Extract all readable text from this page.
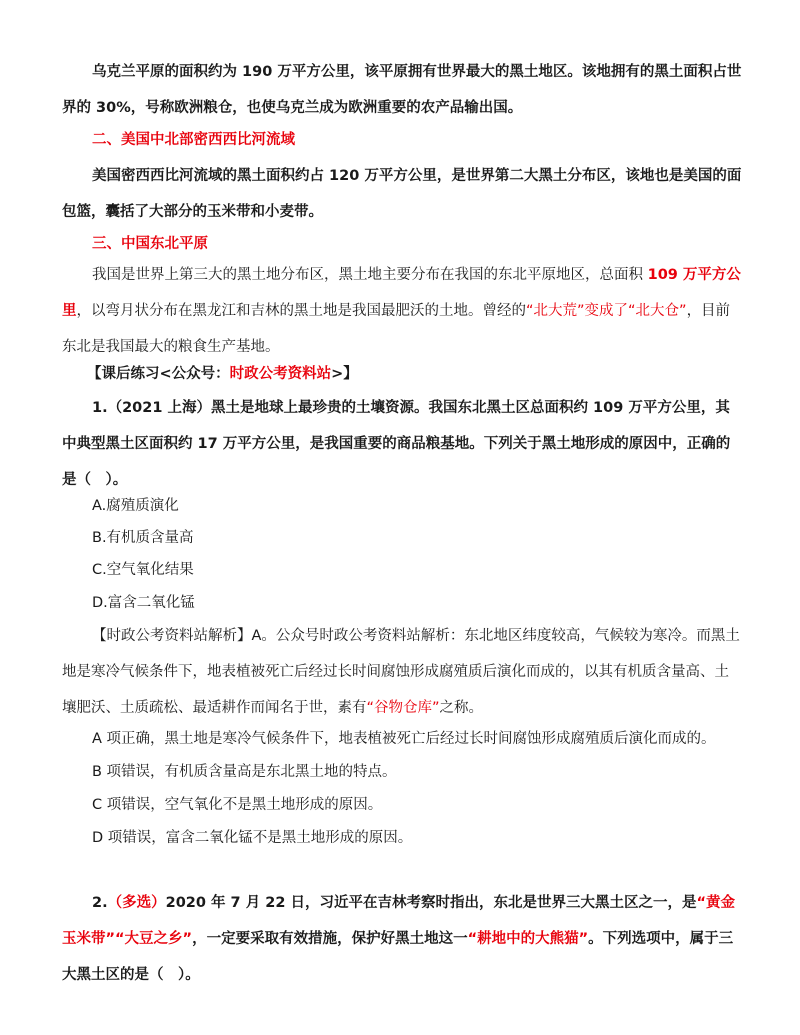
乌克兰平原的面积约为 190 万平方公里，该平原拥有世界最大的黑土地区。该地拥有的黑土面积占世界的 30%，号称欧洲粮仓，也使乌克兰成为欧洲重要的农产品输出国。

二、美国中北部密西西比河流域

美国密西西比河流域的黑土面积约占 120 万平方公里，是世界第二大黑土分布区，该地也是美国的面包篮，囊括了大部分的玉米带和小麦带。

三、中国东北平原

我国是世界上第三大的黑土地分布区，黑土地主要分布在我国的东北平原地区，总面积 109 万平方公里，以弯月状分布在黑龙江和吉林的黑土地是我国最肥沃的土地。曾经的“北大荒”变成了“北大仓”，目前东北是我国最大的粮食生产基地。

【课后练习<公众号：时政公考资料站>】

1.（2021 上海）黑土是地球上最珍贵的土壤资源。我国东北黑土区总面积约 109 万平方公里，其中典型黑土区面积约 17 万平方公里，是我国重要的商品粮基地。下列关于黑土地形成的原因中，正确的是（　）。

A.腐殖质演化

B.有机质含量高

C.空气氧化结果

D.富含二氧化锰

【时政公考资料站解析】A。公众号时政公考资料站解析：东北地区纬度较高，气候较为寒冷。而黑土地是寒冷气候条件下，地表植被死亡后经过长时间腐蚀形成腐殖质后演化而成的，以其有机质含量高、土壤肥沃、土质疏松、最适耕作而闻名于世，素有“谷物仓库”之称。

A 项正确，黑土地是寒冷气候条件下，地表植被死亡后经过长时间腐蚀形成腐殖质后演化而成的。

B 项错误，有机质含量高是东北黑土地的特点。

C 项错误，空气氧化不是黑土地形成的原因。

D 项错误，富含二氧化锰不是黑土地形成的原因。

2.（多选）2020 年 7 月 22 日，习近平在吉林考察时指出，东北是世界三大黑土区之一，是“黄金玉米带”“大豆之乡”，一定要采取有效措施，保护好黑土地这一“耕地中的大熊猫”。下列选项中，属于三大黑土区的是（　）。
